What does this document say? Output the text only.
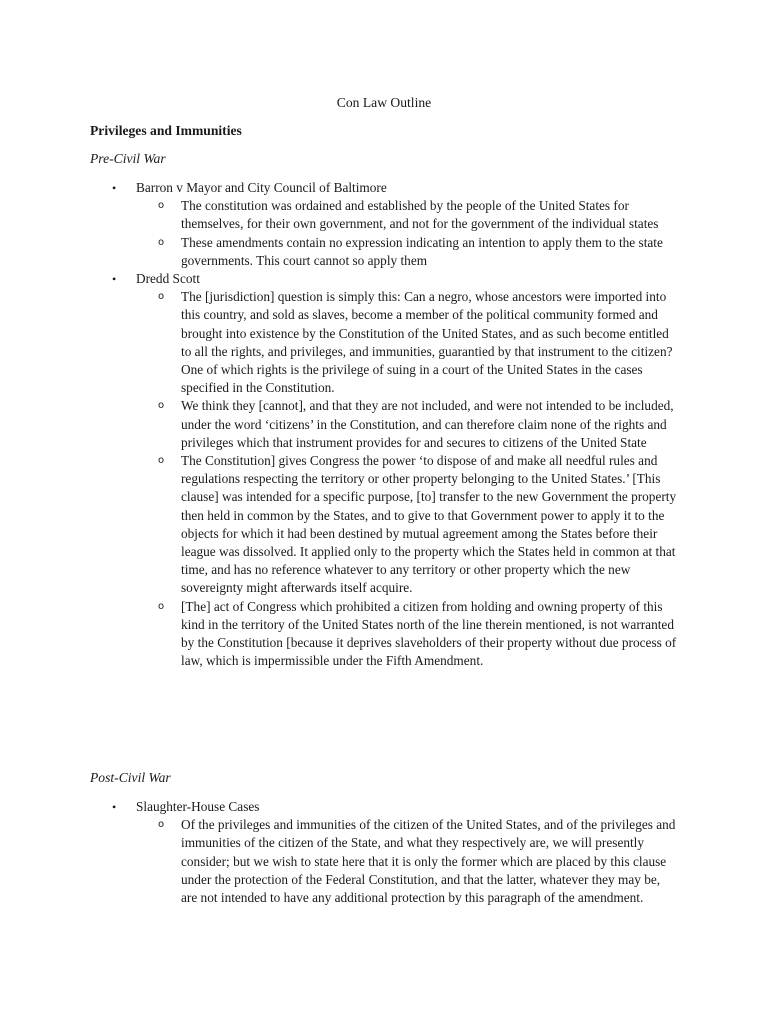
Con Law Outline
Privileges and Immunities
Pre-Civil War
• Barron v Mayor and City Council of Baltimore
o The constitution was ordained and established by the people of the United States for themselves, for their own government, and not for the government of the individual states
o These amendments contain no expression indicating an intention to apply them to the state governments. This court cannot so apply them
• Dredd Scott
o The [jurisdiction] question is simply this: Can a negro, whose ancestors were imported into this country, and sold as slaves, become a member of the political community formed and brought into existence by the Constitution of the United States, and as such become entitled to all the rights, and privileges, and immunities, guarantied by that instrument to the citizen? One of which rights is the privilege of suing in a court of the United States in the cases specified in the Constitution.
o We think they [cannot], and that they are not included, and were not intended to be included, under the word ‘citizens’ in the Constitution, and can therefore claim none of the rights and privileges which that instrument provides for and secures to citizens of the United State
o The Constitution] gives Congress the power ‘to dispose of and make all needful rules and regulations respecting the territory or other property belonging to the United States.’ [This clause] was intended for a specific purpose, [to] transfer to the new Government the property then held in common by the States, and to give to that Government power to apply it to the objects for which it had been destined by mutual agreement among the States before their league was dissolved. It applied only to the property which the States held in common at that time, and has no reference whatever to any territory or other property which the new sovereignty might afterwards itself acquire.
o [The] act of Congress which prohibited a citizen from holding and owning property of this kind in the territory of the United States north of the line therein mentioned, is not warranted by the Constitution [because it deprives slaveholders of their property without due process of law, which is impermissible under the Fifth Amendment.
Post-Civil War
• Slaughter-House Cases
o Of the privileges and immunities of the citizen of the United States, and of the privileges and immunities of the citizen of the State, and what they respectively are, we will presently consider; but we wish to state here that it is only the former which are placed by this clause under the protection of the Federal Constitution, and that the latter, whatever they may be, are not intended to have any additional protection by this paragraph of the amendment.
